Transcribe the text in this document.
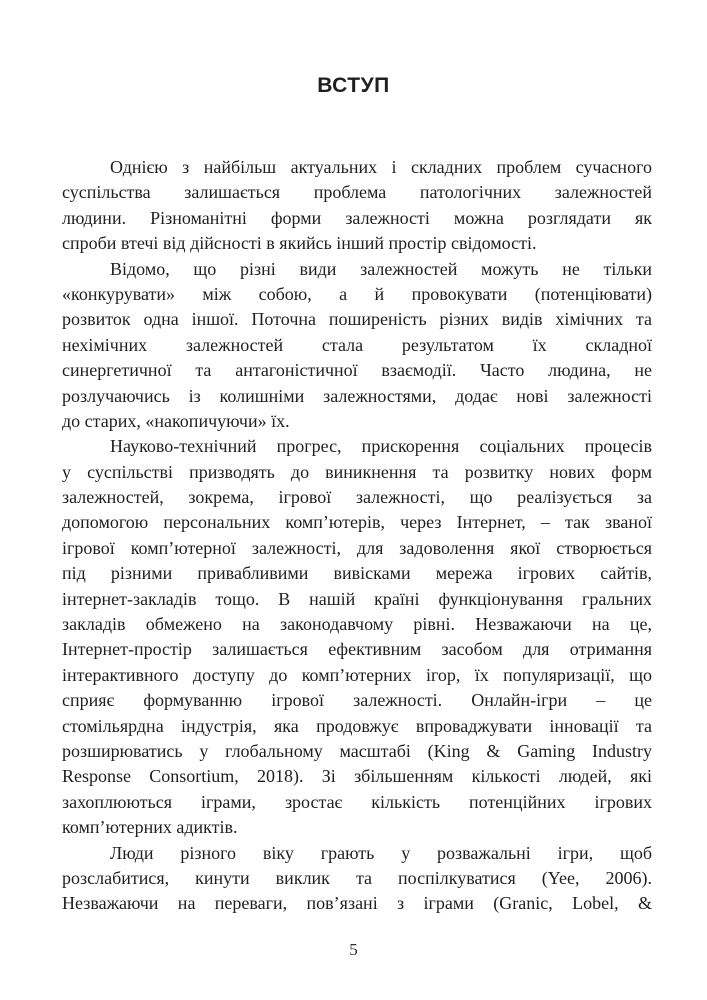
ВСТУП
Однією з найбільш актуальних і складних проблем сучасного
суспільства залишається проблема патологічних залежностей
людини. Різноманітні форми залежності можна розглядати як
спроби втечі від дійсності в якийсь інший простір свідомості.
Відомо, що різні види залежностей можуть не тільки
«конкурувати» між собою, а й провокувати (потенціювати)
розвиток одна іншої. Поточна поширеність різних видів хімічних та
нехімічних залежностей стала результатом їх складної
синергетичної та антагоністичної взаємодії. Часто людина, не
розлучаючись із колишніми залежностями, додає нові залежності
до старих, «накопичуючи» їх.
Науково-технічний прогрес, прискорення соціальних процесів
у суспільстві призводять до виникнення та розвитку нових форм
залежностей, зокрема, ігрової залежності, що реалізується за
допомогою персональних комп’ютерів, через Інтернет, – так званої
ігрової комп’ютерної залежності, для задоволення якої створюється
під різними привабливими вивісками мережа ігрових сайтів,
інтернет-закладів тощо. В нашій країні функціонування гральних
закладів обмежено на законодавчому рівні. Незважаючи на це,
Інтернет-простір залишається ефективним засобом для отримання
інтерактивного доступу до комп’ютерних ігор, їх популяризації, що
сприяє формуванню ігрової залежності. Онлайн-ігри – це
стомільярдна індустрія, яка продовжує впроваджувати інновації та
розширюватись у глобальному масштабі (King & Gaming Industry
Response Consortium, 2018). Зі збільшенням кількості людей, які
захоплюються іграми, зростає кількість потенційних ігрових
комп’ютерних адиктів.
Люди різного віку грають у розважальні ігри, щоб
розслабитися, кинути виклик та поспілкуватися (Yee, 2006).
Незважаючи на переваги, пов’язані з іграми (Granic, Lobel, &
5
